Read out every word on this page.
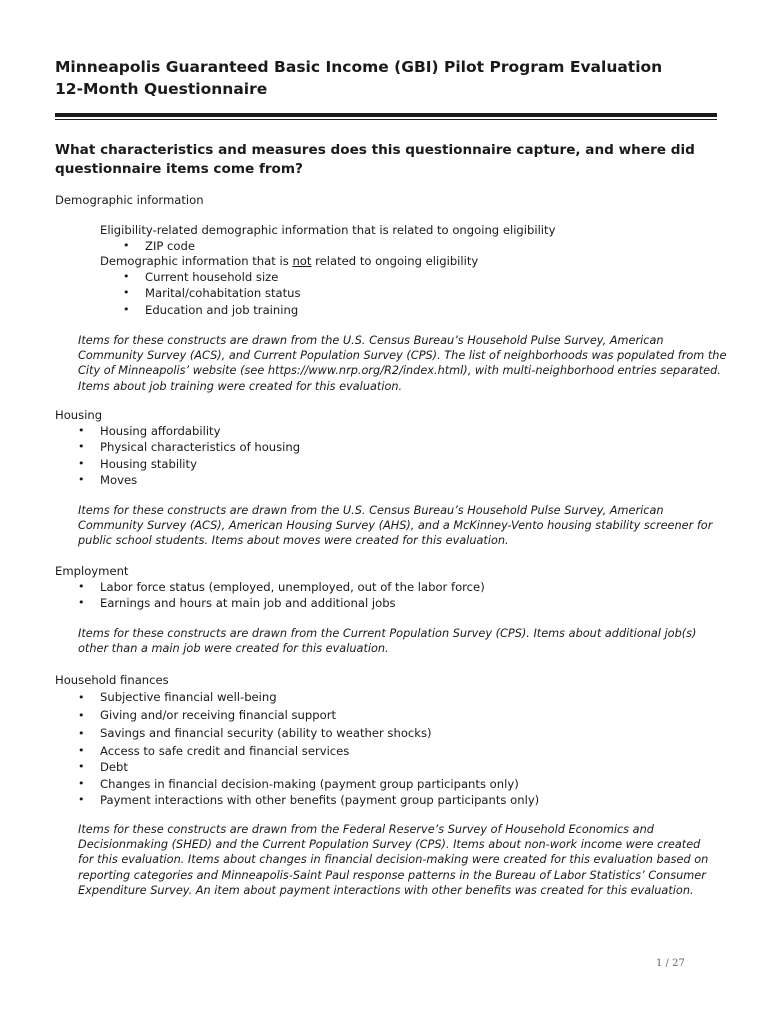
Minneapolis Guaranteed Basic Income (GBI) Pilot Program Evaluation
12-Month Questionnaire
What characteristics and measures does this questionnaire capture, and where did questionnaire items come from?

Demographic information

Eligibility-related demographic information that is related to ongoing eligibility

• ZIP code

Demographic information that is not related to ongoing eligibility

• Current household size
• Marital/cohabitation status
• Education and job training

Items for these constructs are drawn from the U.S. Census Bureau’s Household Pulse Survey, American Community Survey (ACS), and Current Population Survey (CPS). The list of neighborhoods was populated from the City of Minneapolis’ website (see https://www.nrp.org/R2/index.html), with multi-neighborhood entries separated. Items about job training were created for this evaluation.

Housing

• Housing affordability
• Physical characteristics of housing
• Housing stability
• Moves

Items for these constructs are drawn from the U.S. Census Bureau’s Household Pulse Survey, American Community Survey (ACS), American Housing Survey (AHS), and a McKinney-Vento housing stability screener for public school students. Items about moves were created for this evaluation.

Employment

• Labor force status (employed, unemployed, out of the labor force)
• Earnings and hours at main job and additional jobs

Items for these constructs are drawn from the Current Population Survey (CPS). Items about additional job(s) other than a main job were created for this evaluation.

Household finances

• Subjective financial well-being
• Giving and/or receiving financial support
• Savings and financial security (ability to weather shocks)
• Access to safe credit and financial services
• Debt
• Changes in financial decision-making (payment group participants only)
• Payment interactions with other benefits (payment group participants only)

Items for these constructs are drawn from the Federal Reserve’s Survey of Household Economics and Decisionmaking (SHED) and the Current Population Survey (CPS). Items about non-work income were created for this evaluation. Items about changes in financial decision-making were created for this evaluation based on reporting categories and Minneapolis-Saint Paul response patterns in the Bureau of Labor Statistics’ Consumer Expenditure Survey. An item about payment interactions with other benefits was created for this evaluation.

1 / 27
